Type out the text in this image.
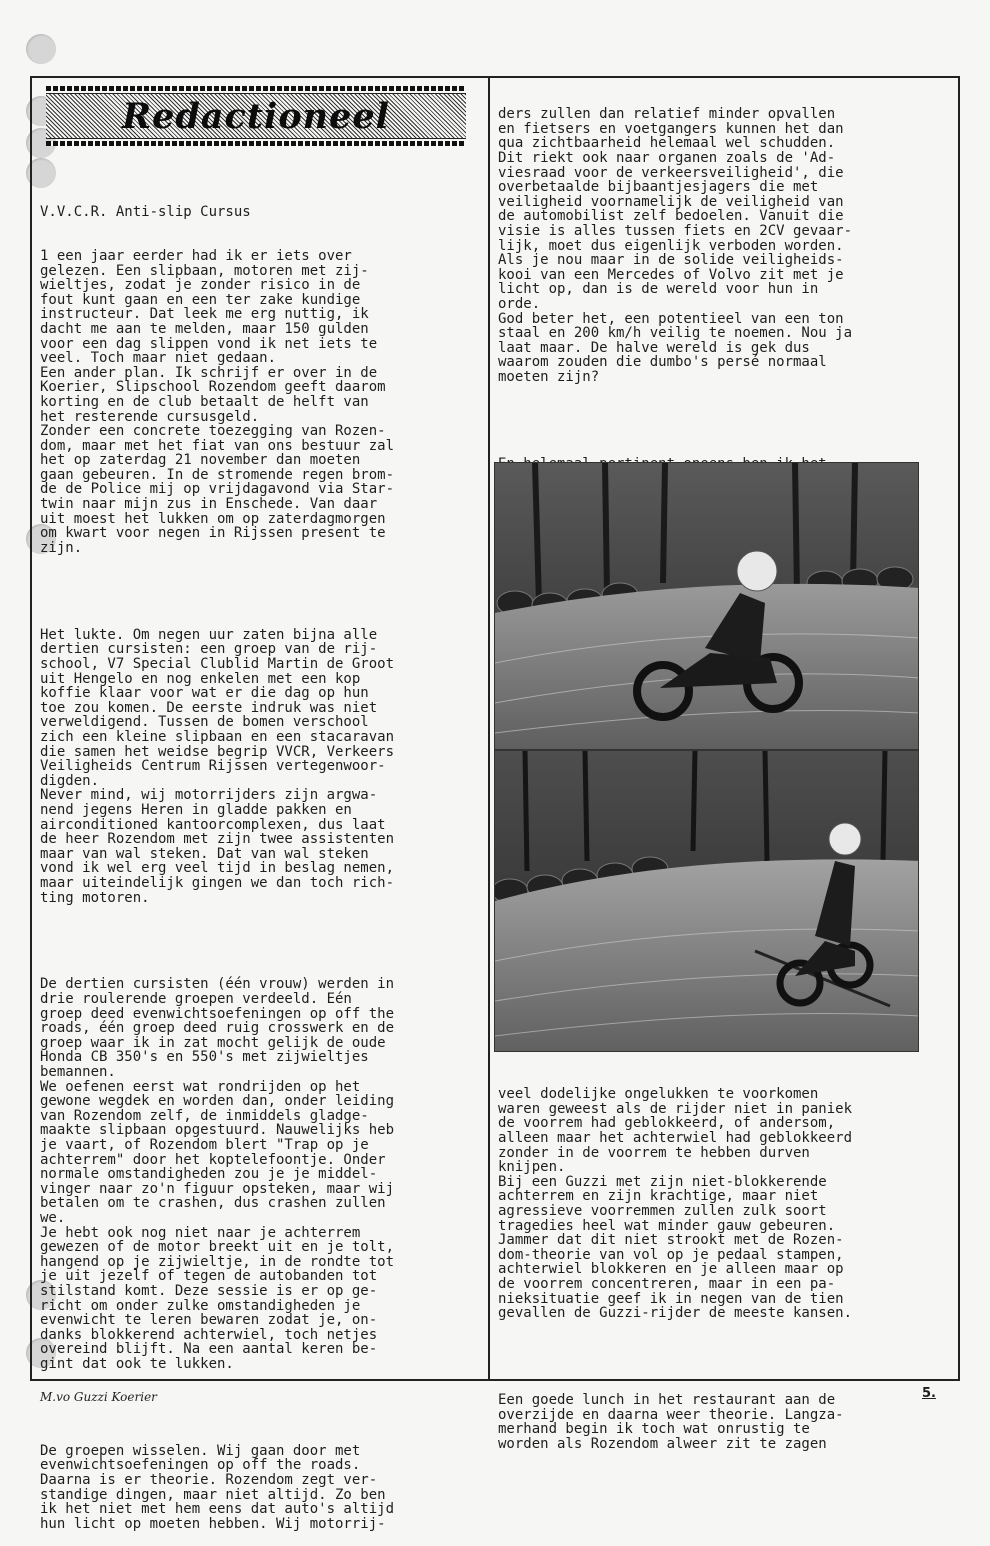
Redactioneel

V.V.C.R. Anti-slip Cursus

1 een jaar eerder had ik er iets over
gelezen. Een slipbaan, motoren met zij-
wieltjes, zodat je zonder risico in de
fout kunt gaan en een ter zake kundige
instructeur. Dat leek me erg nuttig, ik
dacht me aan te melden, maar 150 gulden
voor een dag slippen vond ik net iets te
veel. Toch maar niet gedaan.
Een ander plan. Ik schrijf er over in de
Koerier, Slipschool Rozendom geeft daarom
korting en de club betaalt de helft van
het resterende cursusgeld.
Zonder een concrete toezegging van Rozen-
dom, maar met het fiat van ons bestuur zal
het op zaterdag 21 november dan moeten
gaan gebeuren. In de stromende regen brom-
de de Police mij op vrijdagavond via Star-
twin naar mijn zus in Enschede. Van daar
uit moest het lukken om op zaterdagmorgen
om kwart voor negen in Rijssen present te
zijn.

Het lukte. Om negen uur zaten bijna alle
dertien cursisten: een groep van de rij-
school, V7 Special Clublid Martin de Groot
uit Hengelo en nog enkelen met een kop
koffie klaar voor wat er die dag op hun
toe zou komen. De eerste indruk was niet
verweldigend. Tussen de bomen verschool
zich een kleine slipbaan en een stacaravan
die samen het weidse begrip VVCR, Verkeers
Veiligheids Centrum Rijssen vertegenwoor-
digden.
Never mind, wij motorrijders zijn argwa-
nend jegens Heren in gladde pakken en
airconditioned kantoorcomplexen, dus laat
de heer Rozendom met zijn twee assistenten
maar van wal steken. Dat van wal steken
vond ik wel erg veel tijd in beslag nemen,
maar uiteindelijk gingen we dan toch rich-
ting motoren.

De dertien cursisten (één vrouw) werden in
drie roulerende groepen verdeeld. Eén
groep deed evenwichtsoefeningen op off the
roads, één groep deed ruig crosswerk en de
groep waar ik in zat mocht gelijk de oude
Honda CB 350's en 550's met zijwieltjes
bemannen.
We oefenen eerst wat rondrijden op het
gewone wegdek en worden dan, onder leiding
van Rozendom zelf, de inmiddels gladge-
maakte slipbaan opgestuurd. Nauwelijks heb
je vaart, of Rozendom blert "Trap op je
achterrem" door het koptelefoontje. Onder
normale omstandigheden zou je je middel-
vinger naar zo'n figuur opsteken, maar wij
betalen om te crashen, dus crashen zullen
we.
Je hebt ook nog niet naar je achterrem
gewezen of de motor breekt uit en je tolt,
hangend op je zijwieltje, in de rondte tot
je uit jezelf of tegen de autobanden tot
stilstand komt. Deze sessie is er op ge-
richt om onder zulke omstandigheden je
evenwicht te leren bewaren zodat je, on-
danks blokkerend achterwiel, toch netjes
overeind blijft. Na een aantal keren be-
gint dat ook te lukken.

De groepen wisselen. Wij gaan door met
evenwichtsoefeningen op off the roads.
Daarna is er theorie. Rozendom zegt ver-
standige dingen, maar niet altijd. Zo ben
ik het niet met hem eens dat auto's altijd
hun licht op moeten hebben. Wij motorrij-

ders zullen dan relatief minder opvallen
en fietsers en voetgangers kunnen het dan
qua zichtbaarheid helemaal wel schudden.
Dit riekt ook naar organen zoals de 'Ad-
viesraad voor de verkeersveiligheid', die
overbetaalde bijbaantjesjagers die met
veiligheid voornamelijk de veiligheid van
de automobilist zelf bedoelen. Vanuit die
visie is alles tussen fiets en 2CV gevaar-
lijk, moet dus eigenlijk verboden worden.
Als je nou maar in de solide veiligheids-
kooi van een Mercedes of Volvo zit met je
licht op, dan is de wereld voor hun in
orde.
God beter het, een potentieel van een ton
staal en 200 km/h veilig te noemen. Nou ja
laat maar. De halve wereld is gek dus
waarom zouden die dumbo's persé normaal
moeten zijn?

veel dodelijke ongelukken te voorkomen
waren geweest als de rijder niet in paniek
de voorrem had geblokkeerd, of andersom,
alleen maar het achterwiel had geblokkeerd
zonder in de voorrem te hebben durven
knijpen.
Bij een Guzzi met zijn niet-blokkerende
achterrem en zijn krachtige, maar niet
agressieve voorremmen zullen zulk soort
tragedies heel wat minder gauw gebeuren.
Jammer dat dit niet strookt met de Rozen-
dom-theorie van vol op je pedaal stampen,
achterwiel blokkeren en je alleen maar op
de voorrem concentreren, maar in een pa-
nieksituatie geef ik in negen van de tien
gevallen de Guzzi-rijder de meeste kansen.

Een goede lunch in het restaurant aan de
overzijde en daarna weer theorie. Langza-
merhand begin ik toch wat onrustig te
worden als Rozendom alweer zit te zagen

M.vo Guzzi Koerier	5.
